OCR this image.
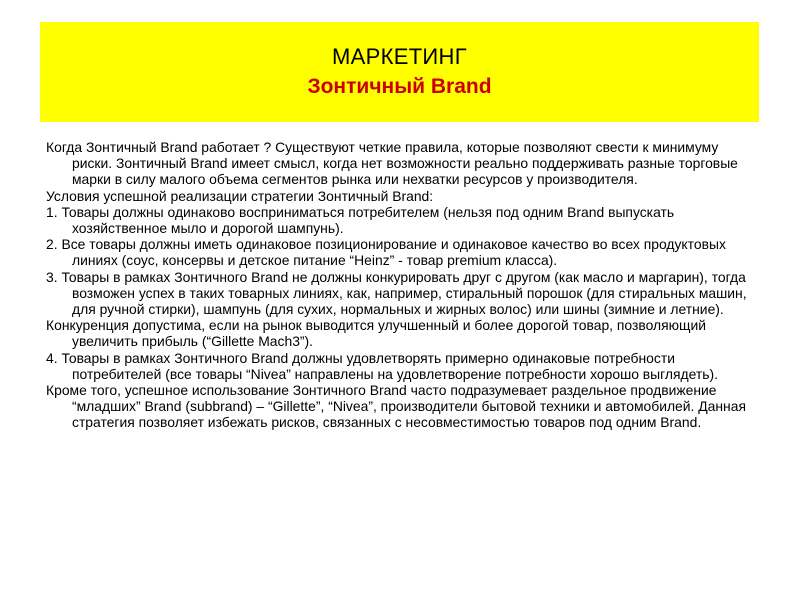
МАРКЕТИНГ
Зонтичный Brand

Когда Зонтичный Brand работает ? Существуют четкие правила, которые позволяют свести к минимуму риски. Зонтичный Brand имеет смысл, когда нет возможности реально поддерживать разные торговые марки в силу малого объема сегментов рынка или нехватки ресурсов у производителя.

Условия успешной реализации стратегии Зонтичный Brand:

1. Товары должны одинаково восприниматься потребителем (нельзя под одним Brand выпускать хозяйственное мыло и дорогой шампунь).

2. Все товары должны иметь одинаковое позиционирование и одинаковое качество во всех продуктовых линиях (соус, консервы и детское питание “Heinz” - товар premium класса).

3. Товары в рамках Зонтичного Brand не должны конкурировать друг с другом (как масло и маргарин), тогда возможен успех в таких товарных линиях, как, например, стиральный порошок (для стиральных машин, для ручной стирки), шампунь (для сухих, нормальных и жирных волос) или шины (зимние и летние).

Конкуренция допустима, если на рынок выводится улучшенный и более дорогой товар, позволяющий увеличить прибыль (“Gillette Mach3”).

4. Товары в рамках Зонтичного Brand должны удовлетворять примерно одинаковые потребности потребителей (все товары “Nivea” направлены на удовлетворение потребности хорошо выглядеть).

Кроме того, успешное использование Зонтичного Brand часто подразумевает раздельное продвижение “младших” Brand (subbrand) – “Gillette”, “Nivea”, производители бытовой техники и автомобилей. Данная стратегия позволяет избежать рисков, связанных с несовместимостью товаров под одним Brand.
